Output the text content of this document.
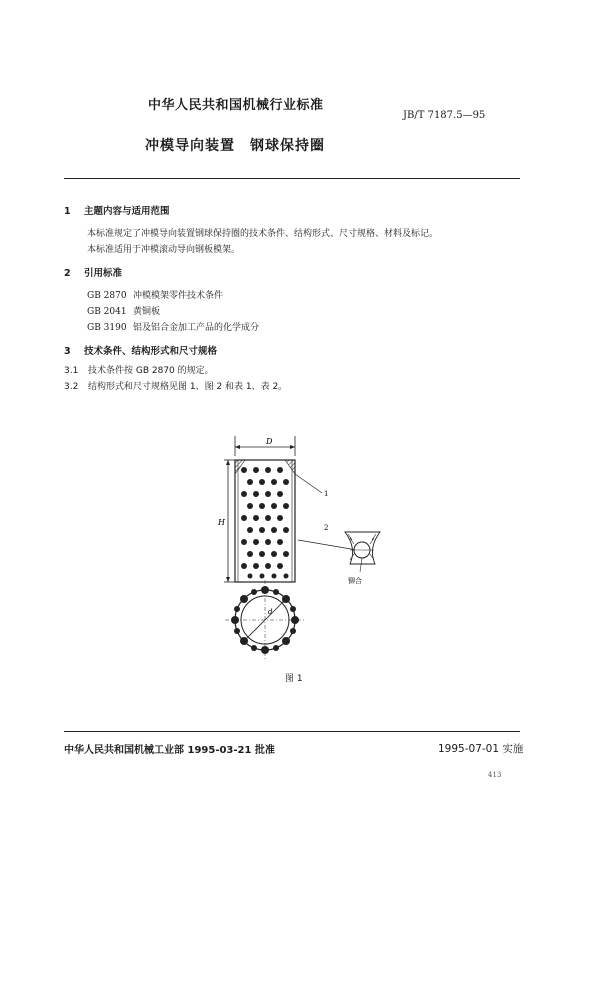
中华人民共和国机械行业标准
JB/T 7187.5—95
冲模导向装置　钢球保持圈
1 主题内容与适用范围
本标准规定了冲模导向装置钢球保持圈的技术条件、结构形式、尺寸规格、材料及标记。
本标准适用于冲模滚动导向钢板模架。
2 引用标准
GB 2870 冲模模架零件技术条件
GB 2041 黄铜板
GB 3190 铝及铝合金加工产品的化学成分
3 技术条件、结构形式和尺寸规格
3.1 技术条件按 GB 2870 的规定。
3.2 结构形式和尺寸规格见图 1、图 2 和表 1、表 2。
D
H
1
2
铆合
d
图 1
中华人民共和国机械工业部 1995-03-21 批准	1995-07-01 实施
413
